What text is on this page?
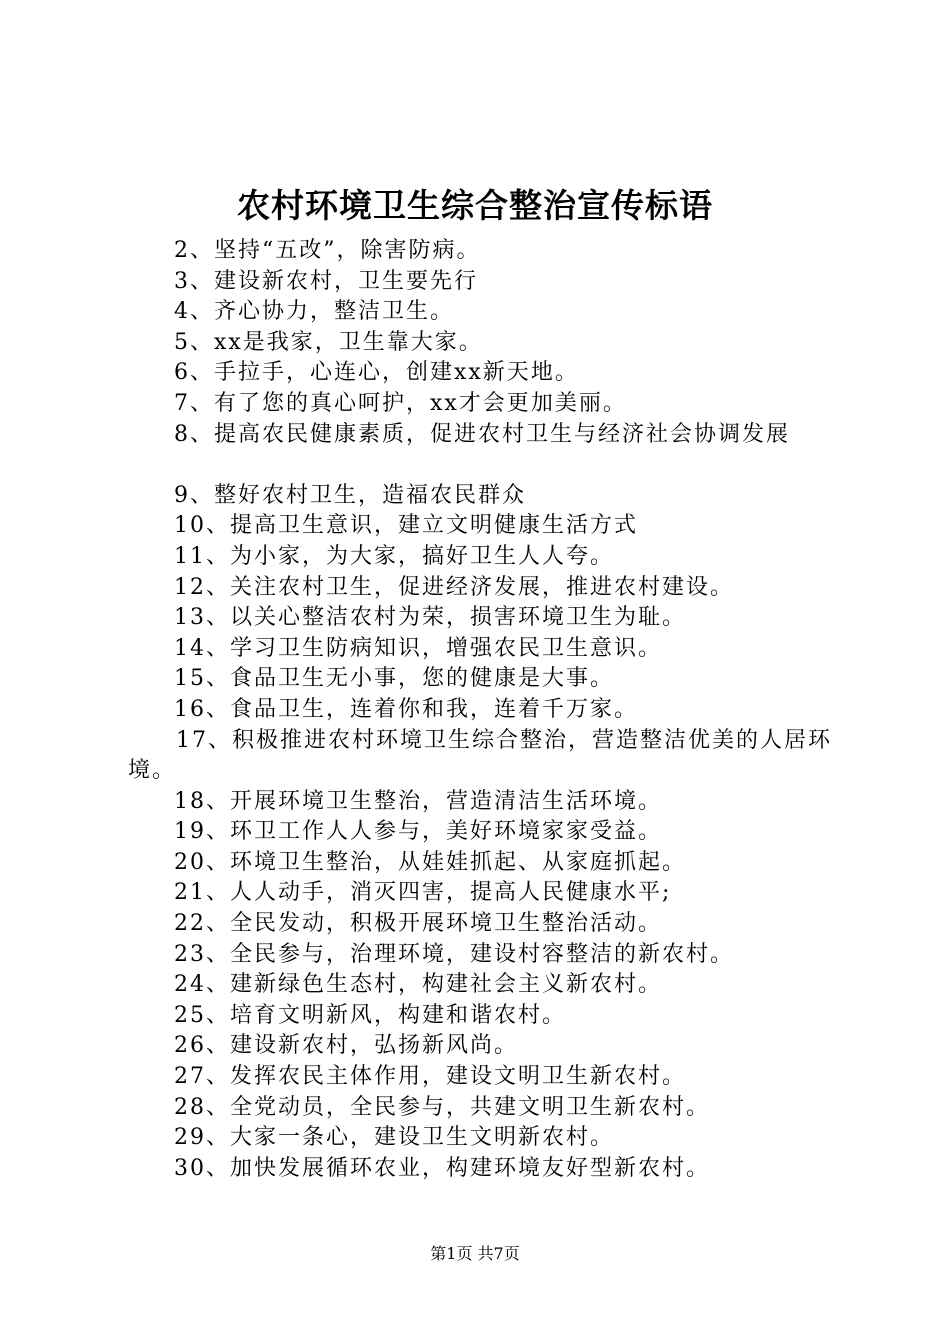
农村环境卫生综合整治宣传标语
2、坚持“五改”，除害防病。
3、建设新农村，卫生要先行
4、齐心协力，整洁卫生。
5、xx是我家，卫生靠大家。
6、手拉手，心连心，创建xx新天地。
7、有了您的真心呵护，xx才会更加美丽。
8、提高农民健康素质，促进农村卫生与经济社会协调发展
9、整好农村卫生，造福农民群众
10、提高卫生意识，建立文明健康生活方式
11、为小家，为大家，搞好卫生人人夸。
12、关注农村卫生，促进经济发展，推进农村建设。
13、以关心整洁农村为荣，损害环境卫生为耻。
14、学习卫生防病知识，增强农民卫生意识。
15、食品卫生无小事，您的健康是大事。
16、食品卫生，连着你和我，连着千万家。
17、积极推进农村环境卫生综合整治，营造整洁优美的人居环境。
18、开展环境卫生整治，营造清洁生活环境。
19、环卫工作人人参与，美好环境家家受益。
20、环境卫生整治，从娃娃抓起、从家庭抓起。
21、人人动手，消灭四害，提高人民健康水平;
22、全民发动，积极开展环境卫生整治活动。
23、全民参与，治理环境，建设村容整洁的新农村。
24、建新绿色生态村，构建社会主义新农村。
25、培育文明新风，构建和谐农村。
26、建设新农村，弘扬新风尚。
27、发挥农民主体作用，建设文明卫生新农村。
28、全党动员，全民参与，共建文明卫生新农村。
29、大家一条心，建设卫生文明新农村。
30、加快发展循环农业，构建环境友好型新农村。
第1页 共7页
